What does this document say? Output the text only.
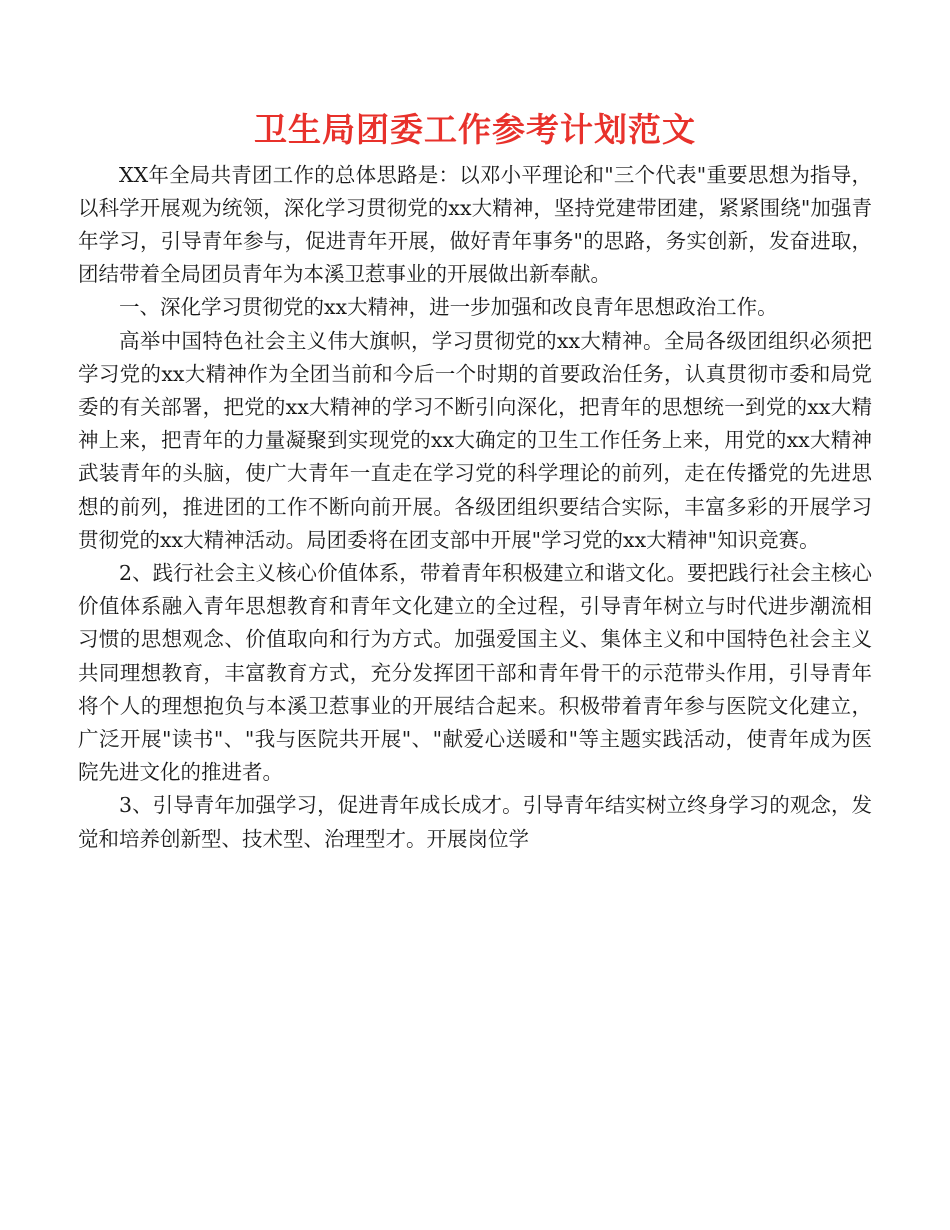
卫生局团委工作参考计划范文

XX年全局共青团工作的总体思路是：以邓小平理论和"三个代表"重要思想为指导，以科学开展观为统领，深化学习贯彻党的xx大精神，坚持党建带团建，紧紧围绕"加强青年学习，引导青年参与，促进青年开展，做好青年事务"的思路，务实创新，发奋进取，团结带着全局团员青年为本溪卫惹事业的开展做出新奉献。

一、深化学习贯彻党的xx大精神，进一步加强和改良青年思想政治工作。

高举中国特色社会主义伟大旗帜，学习贯彻党的xx大精神。全局各级团组织必须把学习党的xx大精神作为全团当前和今后一个时期的首要政治任务，认真贯彻市委和局党委的有关部署，把党的xx大精神的学习不断引向深化，把青年的思想统一到党的xx大精神上来，把青年的力量凝聚到实现党的xx大确定的卫生工作任务上来，用党的xx大精神武装青年的头脑，使广大青年一直走在学习党的科学理论的前列，走在传播党的先进思想的前列，推进团的工作不断向前开展。各级团组织要结合实际，丰富多彩的开展学习贯彻党的xx大精神活动。局团委将在团支部中开展"学习党的xx大精神"知识竞赛。

2、践行社会主义核心价值体系，带着青年积极建立和谐文化。要把践行社会主核心价值体系融入青年思想教育和青年文化建立的全过程，引导青年树立与时代进步潮流相习惯的思想观念、价值取向和行为方式。加强爱国主义、集体主义和中国特色社会主义共同理想教育，丰富教育方式，充分发挥团干部和青年骨干的示范带头作用，引导青年将个人的理想抱负与本溪卫惹事业的开展结合起来。积极带着青年参与医院文化建立，广泛开展"读书"、"我与医院共开展"、"献爱心送暖和"等主题实践活动，使青年成为医院先进文化的推进者。

3、引导青年加强学习，促进青年成长成才。引导青年结实树立终身学习的观念，发觉和培养创新型、技术型、治理型才。开展岗位学
